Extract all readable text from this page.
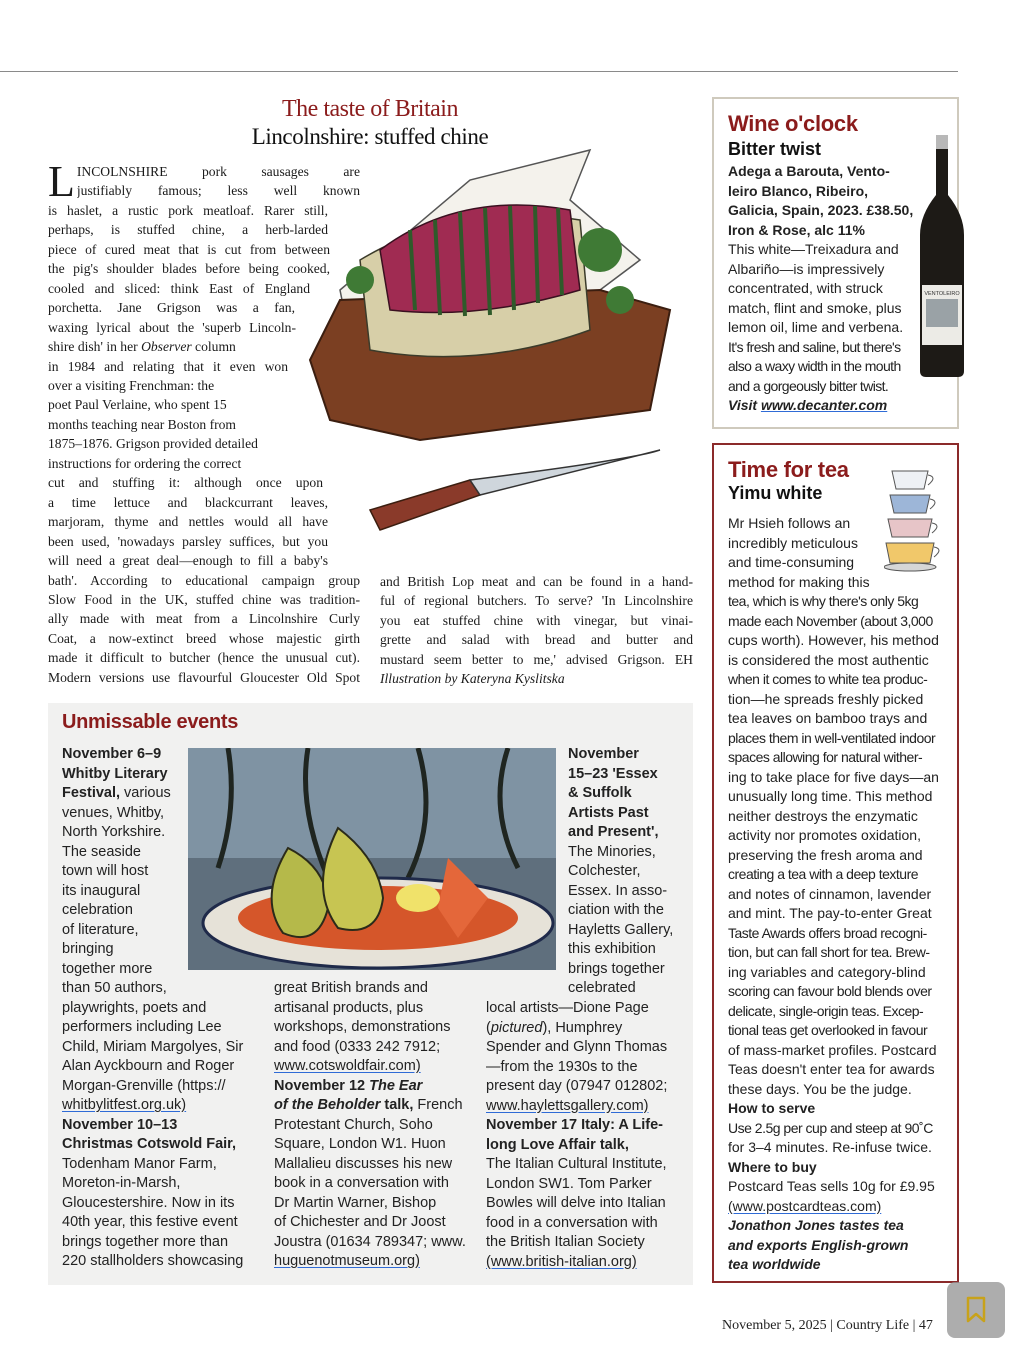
The taste of Britain
Lincolnshire: stuffed chine
L INCOLNSHIRE pork sausages are
justifiably famous; less well known
is haslet, a rustic pork meatloaf. Rarer still,
perhaps, is stuffed chine, a herb-larded
piece of cured meat that is cut from between
the pig's shoulder blades before being cooked,
cooled and sliced: think East of England
porchetta. Jane Grigson was a fan,
waxing lyrical about the 'superb Lincoln-
shire dish' in her Observer column
in 1984 and relating that it even won
over a visiting Frenchman: the
poet Paul Verlaine, who spent 15
months teaching near Boston from
1875–1876. Grigson provided detailed
instructions for ordering the correct
cut and stuffing it: although once upon
a time lettuce and blackcurrant leaves,
marjoram, thyme and nettles would all have
been used, 'nowadays parsley suffices, but you
will need a great deal—enough to fill a baby's
bath'. According to educational campaign group
Slow Food in the UK, stuffed chine was tradition-
ally made with meat from a Lincolnshire Curly
Coat, a now-extinct breed whose majestic girth
made it difficult to butcher (hence the unusual cut).
Modern versions use flavourful Gloucester Old Spot
and British Lop meat and can be found in a hand-
ful of regional butchers. To serve? 'In Lincolnshire
you eat stuffed chine with vinegar, but vinai-
grette and salad with bread and butter and
mustard seem better to me,' advised Grigson. EH
Illustration by Kateryna Kyslitska
Unmissable events
November 6–9
Whitby Literary
Festival, various
venues, Whitby,
North Yorkshire.
The seaside
town will host
its inaugural
celebration
of literature,
bringing
together more
than 50 authors,
playwrights, poets and
performers including Lee
Child, Miriam Margolyes, Sir
Alan Ayckbourn and Roger
Morgan-Grenville (https://
whitbylitfest.org.uk)
November 10–13
Christmas Cotswold Fair,
Todenham Manor Farm,
Moreton-in-Marsh,
Gloucestershire. Now in its
40th year, this festive event
brings together more than
220 stallholders showcasing
great British brands and
artisanal products, plus
workshops, demonstrations
and food (0333 242 7912;
www.cotswoldfair.com)
November 12 The Ear
of the Beholder talk, French
Protestant Church, Soho
Square, London W1. Huon
Mallalieu discusses his new
book in a conversation with
Dr Martin Warner, Bishop
of Chichester and Dr Joost
Joustra (01634 789347; www.
huguenotmuseum.org)
November
15–23 'Essex
& Suffolk
Artists Past
and Present',
The Minories,
Colchester,
Essex. In asso-
ciation with the
Hayletts Gallery,
this exhibition
brings together
celebrated
local artists—Dione Page
(pictured), Humphrey
Spender and Glynn Thomas
—from the 1930s to the
present day (07947 012802;
www.haylettsgallery.com)
November 17 Italy: A Life-
long Love Affair talk,
The Italian Cultural Institute,
London SW1. Tom Parker
Bowles will delve into Italian
food in a conversation with
the British Italian Society
(www.british-italian.org)
Wine o'clock
Bitter twist
Adega a Barouta, Vento-
leiro Blanco, Ribeiro,
Galicia, Spain, 2023. £38.50,
Iron & Rose, alc 11%
This white—Treixadura and
Albariño—is impressively
concentrated, with struck
match, flint and smoke, plus
lemon oil, lime and verbena.
It's fresh and saline, but there's
also a waxy width in the mouth
and a gorgeously bitter twist.
Visit www.decanter.com
VENTOLEIRO
Time for tea
Yimu white
Mr Hsieh follows an
incredibly meticulous
and time-consuming
method for making this
tea, which is why there's only 5kg
made each November (about 3,000
cups worth). However, his method
is considered the most authentic
when it comes to white tea produc-
tion—he spreads freshly picked
tea leaves on bamboo trays and
places them in well-ventilated indoor
spaces allowing for natural wither-
ing to take place for five days—an
unusually long time. This method
neither destroys the enzymatic
activity nor promotes oxidation,
preserving the fresh aroma and
creating a tea with a deep texture
and notes of cinnamon, lavender
and mint. The pay-to-enter Great
Taste Awards offers broad recogni-
tion, but can fall short for tea. Brew-
ing variables and category-blind
scoring can favour bold blends over
delicate, single-origin teas. Excep-
tional teas get overlooked in favour
of mass-market profiles. Postcard
Teas doesn't enter tea for awards
these days. You be the judge.
How to serve
Use 2.5g per cup and steep at 90˚C
for 3–4 minutes. Re-infuse twice.
Where to buy
Postcard Teas sells 10g for £9.95
(www.postcardteas.com)
Jonathon Jones tastes tea
and exports English-grown
tea worldwide
November 5, 2025 | Country Life | 47
